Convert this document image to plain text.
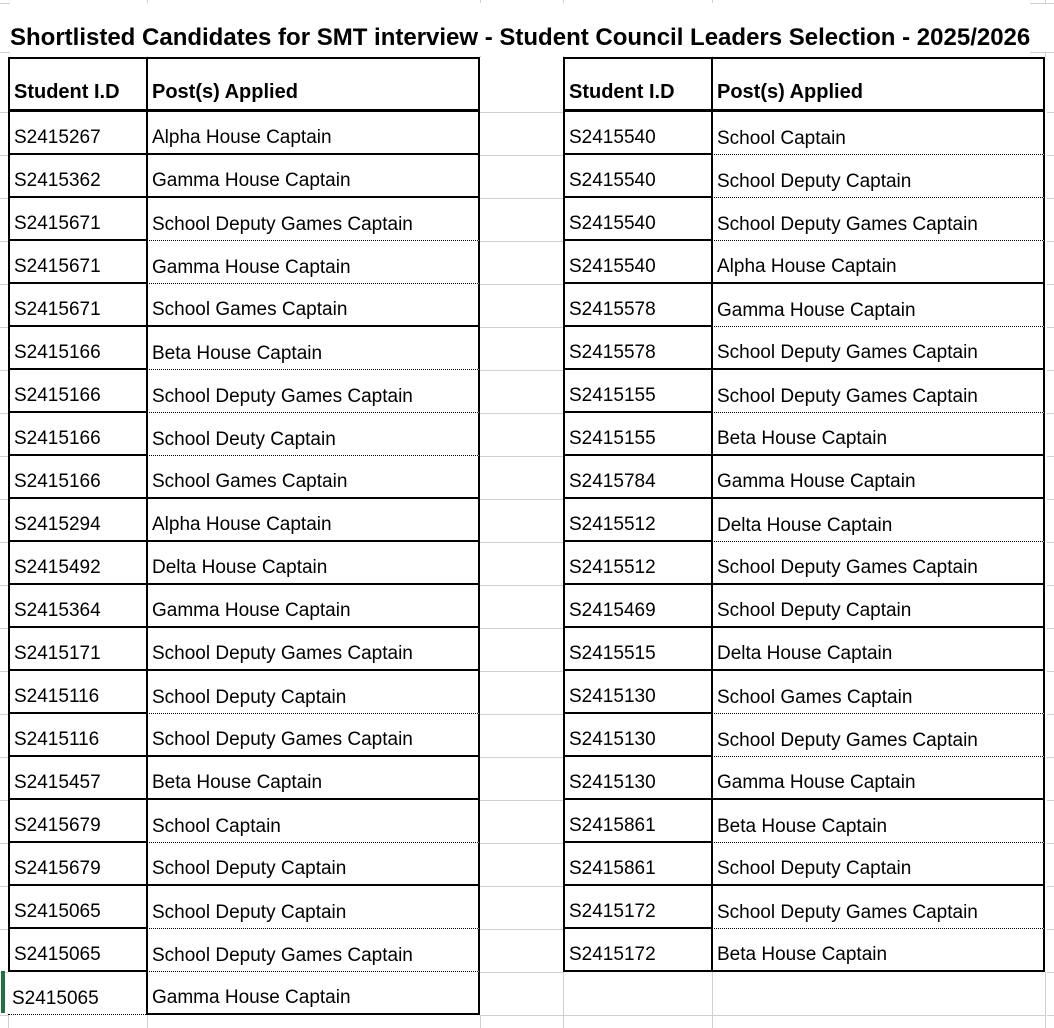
Shortlisted Candidates for SMT interview - Student Council Leaders Selection - 2025/2026
Student I.D	Post(s) Applied
S2415267	Alpha House Captain
S2415362	Gamma House Captain
S2415671	School Deputy Games Captain
S2415671	Gamma House Captain
S2415671	School Games Captain
S2415166	Beta House Captain
S2415166	School Deputy Games Captain
S2415166	School Deuty Captain
S2415166	School Games Captain
S2415294	Alpha House Captain
S2415492	Delta House Captain
S2415364	Gamma House Captain
S2415171	School Deputy Games Captain
S2415116	School Deputy Captain
S2415116	School Deputy Games Captain
S2415457	Beta House Captain
S2415679	School Captain
S2415679	School Deputy Captain
S2415065	School Deputy Captain
S2415065	School Deputy Games Captain
S2415065	Gamma House Captain
Student I.D	Post(s) Applied
S2415540	School Captain
S2415540	School Deputy Captain
S2415540	School Deputy Games Captain
S2415540	Alpha House Captain
S2415578	Gamma House Captain
S2415578	School Deputy Games Captain
S2415155	School Deputy Games Captain
S2415155	Beta House Captain
S2415784	Gamma House Captain
S2415512	Delta House Captain
S2415512	School Deputy Games Captain
S2415469	School Deputy Captain
S2415515	Delta House Captain
S2415130	School Games Captain
S2415130	School Deputy Games Captain
S2415130	Gamma House Captain
S2415861	Beta House Captain
S2415861	School Deputy Captain
S2415172	School Deputy Games Captain
S2415172	Beta House Captain
